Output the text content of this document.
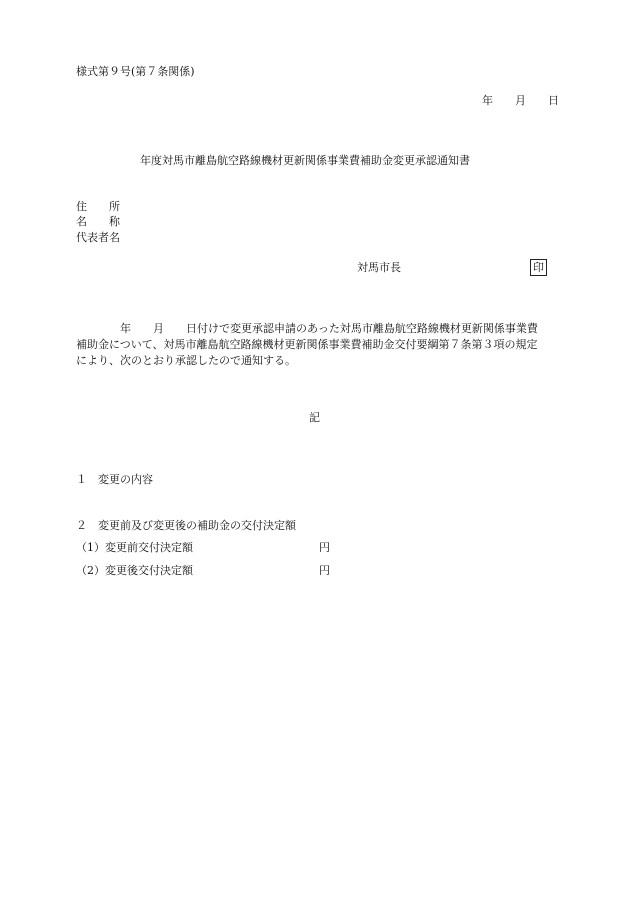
様式第９号(第７条関係)
年　　月　　日
年度対馬市離島航空路線機材更新関係事業費補助金変更承認通知書
住　　所
名　　称
代表者名
対馬市長	印
年　　月　　日付けで変更承認申請のあった対馬市離島航空路線機材更新関係事業費
補助金について、対馬市離島航空路線機材更新関係事業費補助金交付要綱第７条第３項の規定
により、次のとおり承認したので通知する。
記
１　変更の内容
２　変更前及び変更後の補助金の交付決定額
（1）変更前交付決定額	円
（2）変更後交付決定額	円
